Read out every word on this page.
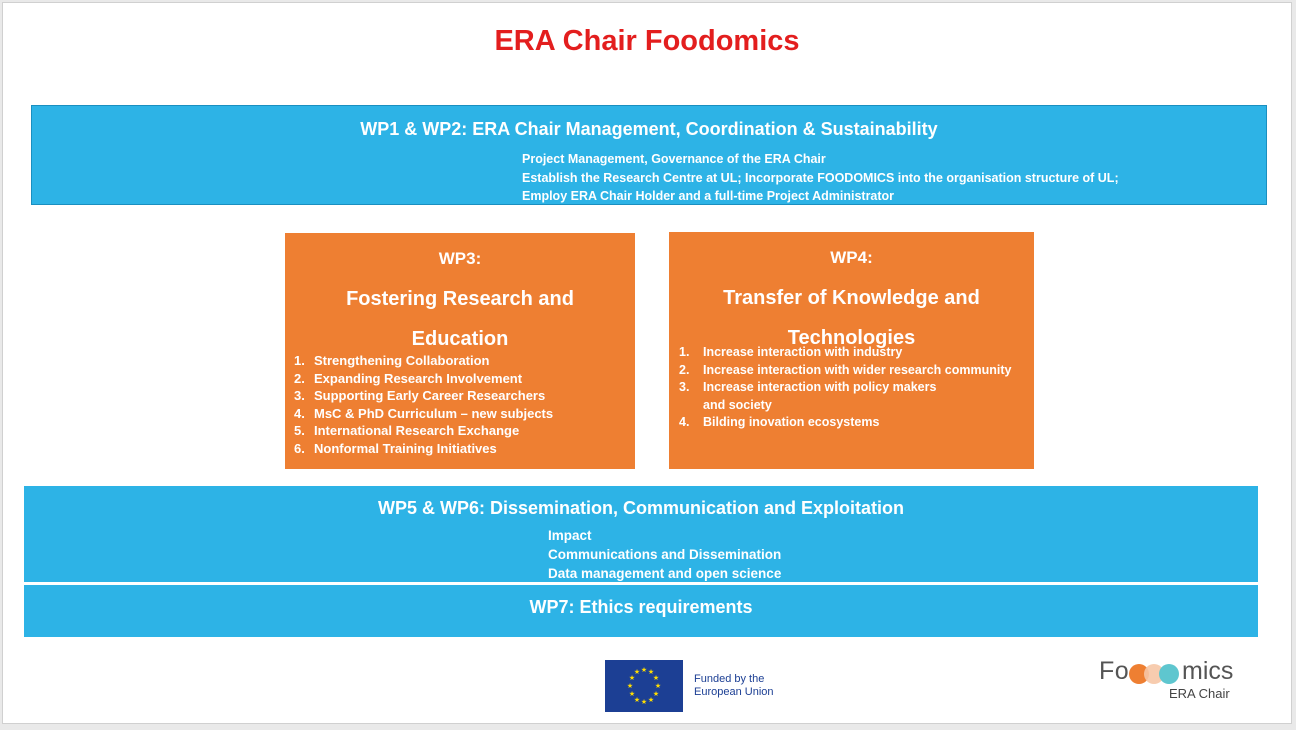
ERA Chair Foodomics
WP1 & WP2: ERA Chair Management, Coordination & Sustainability
Project Management, Governance of the ERA Chair
Establish the Research Centre at UL; Incorporate FOODOMICS into the organisation structure of UL;
Employ ERA Chair Holder and a full-time Project Administrator
WP3:
Fostering Research and
Education
1. Strengthening Collaboration
2. Expanding Research Involvement
3. Supporting Early Career Researchers
4. MsC & PhD Curriculum – new subjects
5. International Research Exchange
6. Nonformal Training Initiatives
WP4:
Transfer of Knowledge and
Technologies
1. Increase interaction with industry
2. Increase interaction with wider research community
3. Increase interaction with policy makers
and society
4. Bilding inovation ecosystems
WP5 & WP6: Dissemination, Communication and Exploitation
Impact
Communications and Dissemination
Data management and open science
WP7: Ethics requirements
★ ★
★
★
★
★
★
★
★
★
★
★
Funded by the
European Union
Fo mics
ERA Chair
